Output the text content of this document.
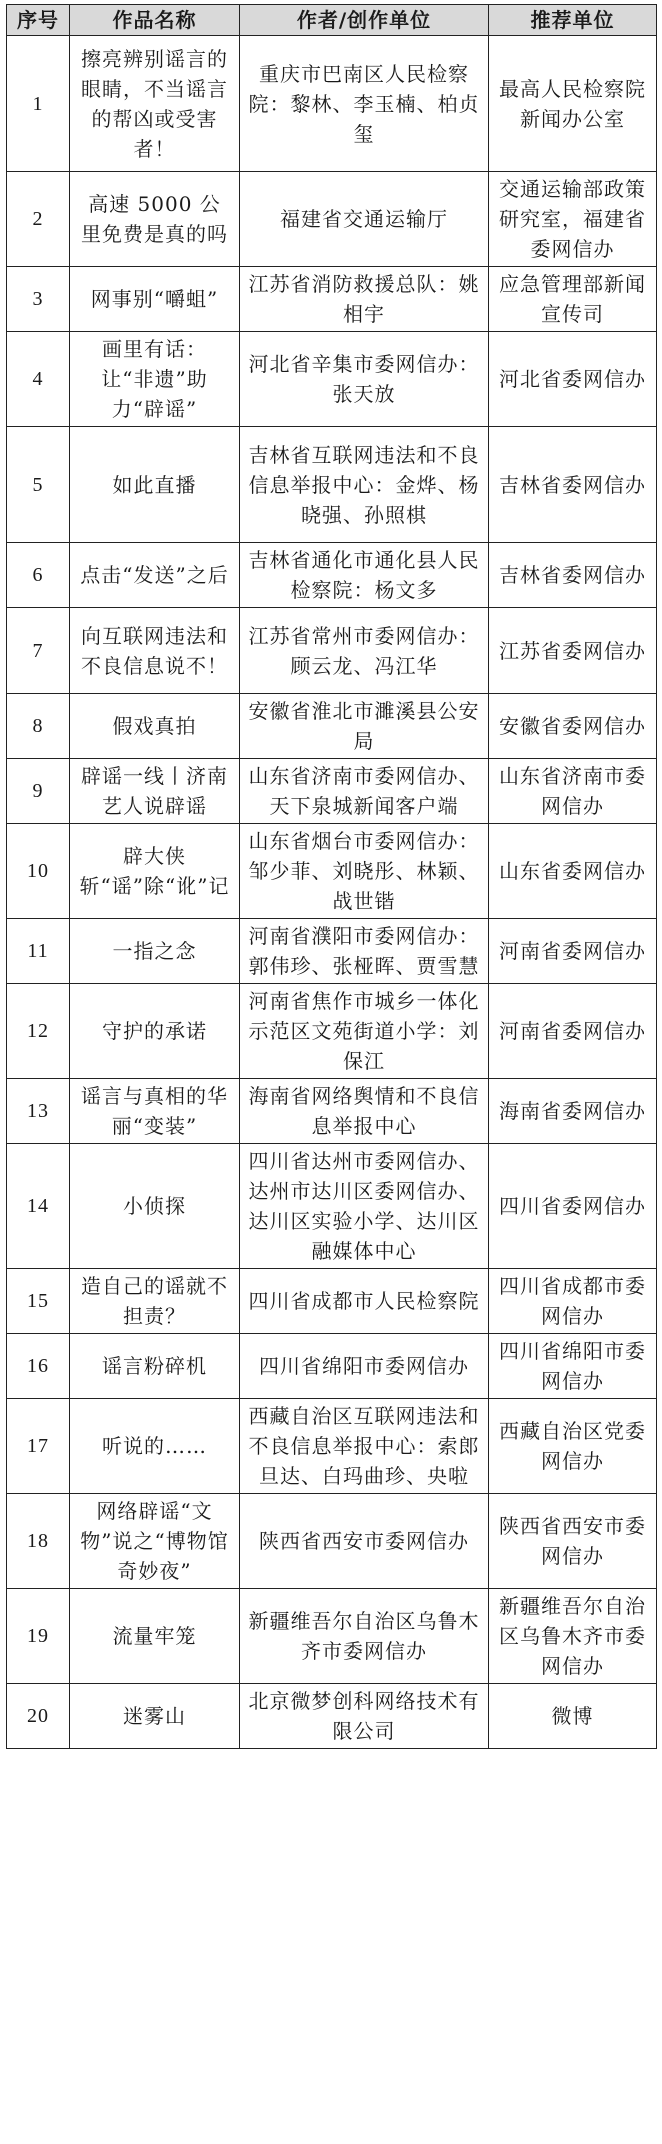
序号	作品名称	作者/创作单位	推荐单位
1	擦亮辨别谣言的眼睛，不当谣言的帮凶或受害者！	重庆市巴南区人民检察院：黎林、李玉楠、柏贞玺	最高人民检察院新闻办公室
2	高速 5000 公里免费是真的吗	福建省交通运输厅	交通运输部政策研究室，福建省委网信办
3	网事别“嚼蛆”	江苏省消防救援总队：姚相宇	应急管理部新闻宣传司
4	画里有话：让“非遗”助力“辟谣”	河北省辛集市委网信办：张天放	河北省委网信办
5	如此直播	吉林省互联网违法和不良信息举报中心：金烨、杨晓强、孙照棋	吉林省委网信办
6	点击“发送”之后	吉林省通化市通化县人民检察院：杨文多	吉林省委网信办
7	向互联网违法和不良信息说不！	江苏省常州市委网信办：顾云龙、冯江华	江苏省委网信办
8	假戏真拍	安徽省淮北市濉溪县公安局	安徽省委网信办
9	辟谣一线丨济南艺人说辟谣	山东省济南市委网信办、天下泉城新闻客户端	山东省济南市委网信办
10	辟大侠斩“谣”除“讹”记	山东省烟台市委网信办：邹少菲、刘晓彤、林颖、战世锴	山东省委网信办
11	一指之念	河南省濮阳市委网信办：郭伟珍、张桠晖、贾雪慧	河南省委网信办
12	守护的承诺	河南省焦作市城乡一体化示范区文苑街道小学：刘保江	河南省委网信办
13	谣言与真相的华丽“变装”	海南省网络舆情和不良信息举报中心	海南省委网信办
14	小侦探	四川省达州市委网信办、达州市达川区委网信办、达川区实验小学、达川区融媒体中心	四川省委网信办
15	造自己的谣就不担责？	四川省成都市人民检察院	四川省成都市委网信办
16	谣言粉碎机	四川省绵阳市委网信办	四川省绵阳市委网信办
17	听说的……	西藏自治区互联网违法和不良信息举报中心：索郎旦达、白玛曲珍、央啦	西藏自治区党委网信办
18	网络辟谣“文物”说之“博物馆奇妙夜”	陕西省西安市委网信办	陕西省西安市委网信办
19	流量牢笼	新疆维吾尔自治区乌鲁木齐市委网信办	新疆维吾尔自治区乌鲁木齐市委网信办
20	迷雾山	北京微梦创科网络技术有限公司	微博
